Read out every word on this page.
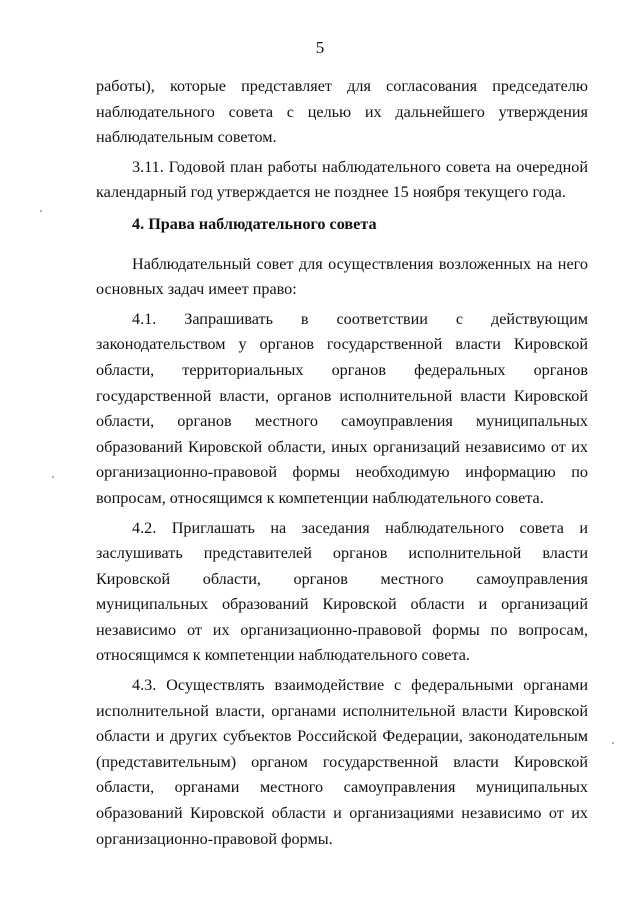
5

работы), которые представляет для согласования председателю наблюдательного совета с целью их дальнейшего утверждения наблюдательным советом.

3.11. Годовой план работы наблюдательного совета на очередной календарный год утверждается не позднее 15 ноября текущего года.

4. Права наблюдательного совета

Наблюдательный совет для осуществления возложенных на него основных задач имеет право:

4.1. Запрашивать в соответствии с действующим законодательством у органов государственной власти Кировской области, территориальных органов федеральных органов государственной власти, органов исполнительной власти Кировской области, органов местного самоуправления муниципальных образований Кировской области, иных организаций независимо от их организационно-правовой формы необходимую информацию по вопросам, относящимся к компетенции наблюдательного совета.

4.2. Приглашать на заседания наблюдательного совета и заслушивать представителей органов исполнительной власти Кировской области, органов местного самоуправления муниципальных образований Кировской области и организаций независимо от их организационно-правовой формы по вопросам, относящимся к компетенции наблюдательного совета.

4.3. Осуществлять взаимодействие с федеральными органами исполнительной власти, органами исполнительной власти Кировской области и других субъектов Российской Федерации, законодательным (представительным) органом государственной власти Кировской области, органами местного самоуправления муниципальных образований Кировской области и организациями независимо от их организационно-правовой формы.
